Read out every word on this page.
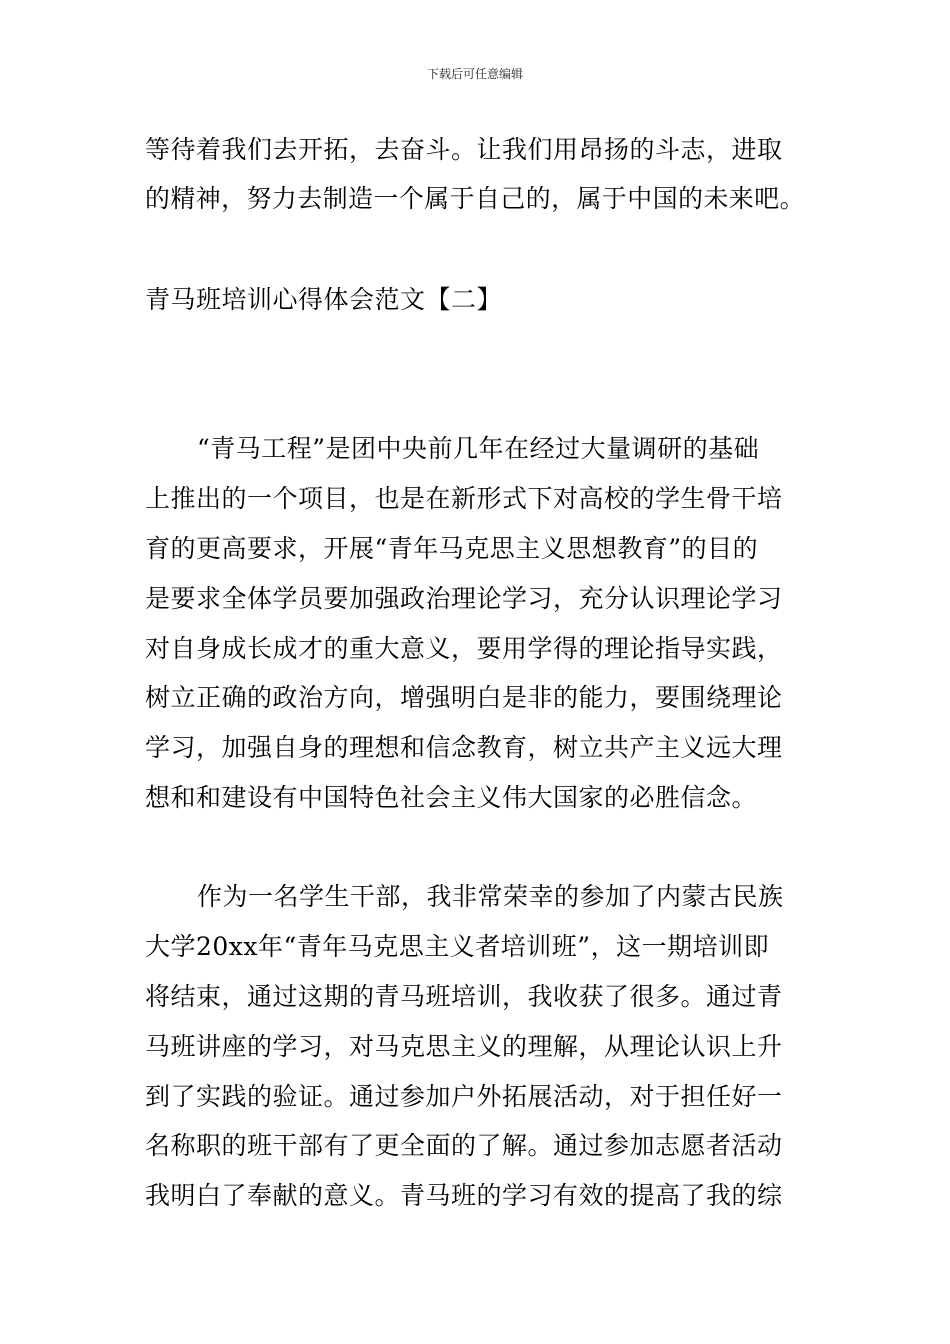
下载后可任意编辑
等待着我们去开拓，去奋斗。让我们用昂扬的斗志，进取
的精神，努力去制造一个属于自己的，属于中国的未来吧。
青马班培训心得体会范文【二】
“青马工程”是团中央前几年在经过大量调研的基础
上推出的一个项目，也是在新形式下对高校的学生骨干培
育的更高要求，开展“青年马克思主义思想教育”的目的
是要求全体学员要加强政治理论学习，充分认识理论学习
对自身成长成才的重大意义，要用学得的理论指导实践，
树立正确的政治方向，增强明白是非的能力，要围绕理论
学习，加强自身的理想和信念教育，树立共产主义远大理
想和和建设有中国特色社会主义伟大国家的必胜信念。
作为一名学生干部，我非常荣幸的参加了内蒙古民族
大学20xx年“青年马克思主义者培训班”，这一期培训即
将结束，通过这期的青马班培训，我收获了很多。通过青
马班讲座的学习，对马克思主义的理解，从理论认识上升
到了实践的验证。通过参加户外拓展活动，对于担任好一
名称职的班干部有了更全面的了解。通过参加志愿者活动
我明白了奉献的意义。青马班的学习有效的提高了我的综
